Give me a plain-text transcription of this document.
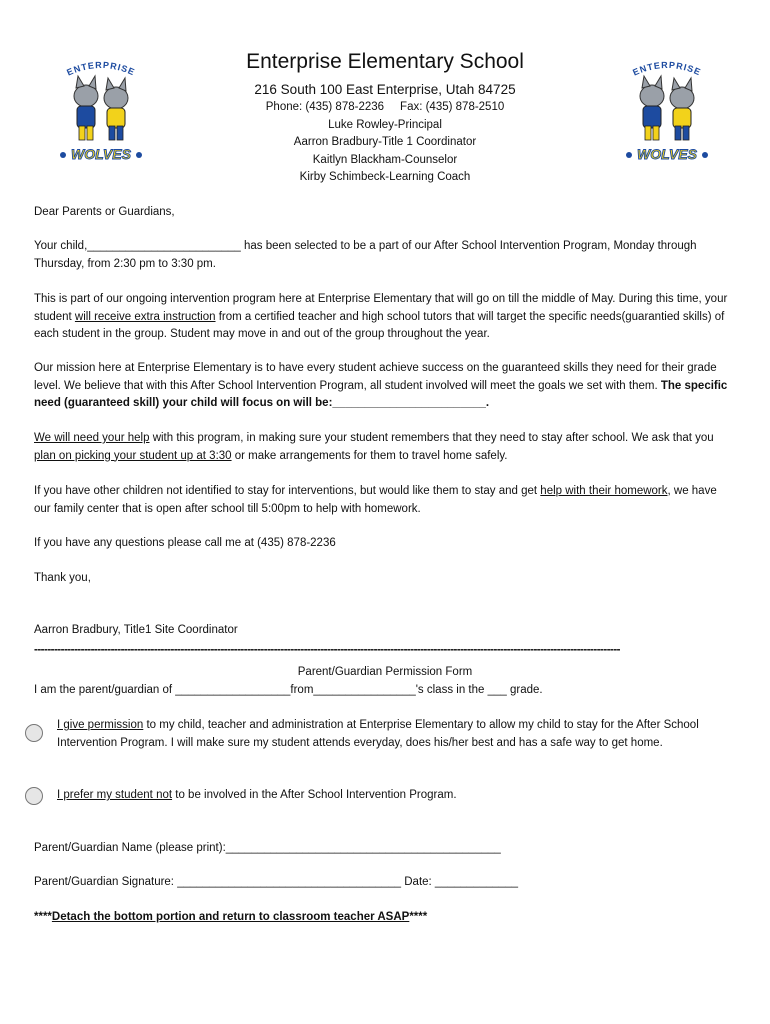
ENTERPRISE
WOLVES
ENTERPRISE
WOLVES
Enterprise Elementary School
216 South 100 East Enterprise, Utah 84725
Phone: (435) 878-2236 Fax: (435) 878-2510
Luke Rowley-Principal
Aarron Bradbury-Title 1 Coordinator
Kaitlyn Blackham-Counselor
Kirby Schimbeck-Learning Coach

Dear Parents or Guardians,

Your child,________________________ has been selected to be a part of our After School Intervention Program, Monday through Thursday, from 2:30 pm to 3:30 pm.

This is part of our ongoing intervention program here at Enterprise Elementary that will go on till the middle of May. During this time, your student will receive extra instruction from a certified teacher and high school tutors that will target the specific needs(guarantied skills) of each student in the group. Student may move in and out of the group throughout the year.

Our mission here at Enterprise Elementary is to have every student achieve success on the guaranteed skills they need for their grade level. We believe that with this After School Intervention Program, all student involved will meet the goals we set with them. The specific need (guaranteed skill) your child will focus on will be:________________________.

We will need your help with this program, in making sure your student remembers that they need to stay after school. We ask that you plan on picking your student up at 3:30 or make arrangements for them to travel home safely.

If you have other children not identified to stay for interventions, but would like them to stay and get help with their homework, we have our family center that is open after school till 5:00pm to help with homework.

If you have any questions please call me at (435) 878-2236

Thank you,

Aarron Bradbury, Title1 Site Coordinator

--------------------------------------------------------------------------------------------------------------------------------------------------------------------------------

Parent/Guardian Permission Form

I am the parent/guardian of __________________from________________'s class in the ___ grade.

I give permission to my child, teacher and administration at Enterprise Elementary to allow my child to stay for the After School Intervention Program. I will make sure my student attends everyday, does his/her best and has a safe way to get home.

I prefer my student not to be involved in the After School Intervention Program.

Parent/Guardian Name (please print):___________________________________________

Parent/Guardian Signature: ___________________________________ Date: _____________

****Detach the bottom portion and return to classroom teacher ASAP****
